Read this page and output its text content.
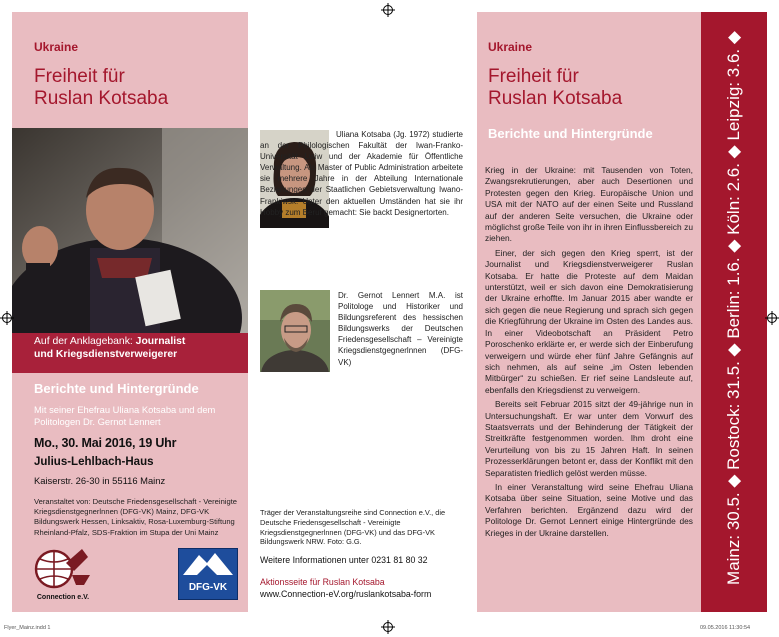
Ukraine
Freiheit für
Ruslan Kotsaba
Auf der Anklagebank: Journalist
und Kriegsdienstverweigerer
Berichte und Hintergründe
Mit seiner Ehefrau Uliana Kotsaba und dem Politologen Dr. Gernot Lennert
Mo., 30. Mai 2016, 19 Uhr
Julius-Lehlbach-Haus
Kaiserstr. 26-30 in 55116 Mainz
Veranstaltet von: Deutsche Friedensgesellschaft - Vereinigte Kriegsdienstgegnerlnnen (DFG-VK) Mainz, DFG-VK Bildungswerk Hessen, Linksaktiv, Rosa-Luxemburg-Stiftung Rheinland-Pfalz, SDS-Fraktion im Stupa der Uni Mainz
Connection e.V.
DFG-VK

Uliana Kotsaba (Jg. 1972) studierte an der Philologischen Fakultät der Iwan-Franko-Universität Lwiw und der Akademie für Öffentliche Verwaltung. Als Master of Public Administration arbeitete sie mehrere Jahre in der Abteilung Internationale Beziehungen der Staatlichen Gebietsverwaltung Iwano-Frankiwsk. Unter den aktuellen Umständen hat sie ihr Hobby zum Beruf gemacht: Sie backt Designertorten.
Dr. Gernot Lennert M.A. ist Politologe und Historiker und Bildungsreferent des hessischen Bildungswerks der Deutschen Friedensgesellschaft – Vereinigte Kriegsdienstgegnerlnnen (DFG-VK)
Träger der Veranstaltungsreihe sind Connection e.V., die Deutsche Friedensgesellschaft - Vereinigte Kriegsdienstgegnerlnnen (DFG-VK) und das DFG-VK Bildungswerk NRW. Foto: G.G.
Weitere Informationen unter 0231 81 80 32
Aktionsseite für Ruslan Kotsaba
www.Connection-eV.org/ruslankotsaba-form
Ukraine
Freiheit für
Ruslan Kotsaba
Berichte und Hintergründe

Krieg in der Ukraine: mit Tausenden von Toten, Zwangsrekrutierungen, aber auch Desertionen und Protesten gegen den Krieg. Europäische Union und USA mit der NATO auf der einen Seite und Russland auf der anderen Seite versuchen, die Ukraine oder möglichst große Teile von ihr in ihren Einflussbereich zu ziehen.

Einer, der sich gegen den Krieg sperrt, ist der Journalist und Kriegsdienstverweigerer Ruslan Kotsaba. Er hatte die Proteste auf dem Maidan unterstützt, weil er sich davon eine Demokratisierung der Ukraine erhoffte. Im Januar 2015 aber wandte er sich gegen die neue Regierung und sprach sich gegen die Kriegführung der Ukraine im Osten des Landes aus. In einer Videobotschaft an Präsident Petro Poroschenko erklärte er, er werde sich der Einberufung verweigern und würde eher fünf Jahre Gefängnis auf sich nehmen, als auf seine „im Osten lebenden Mitbürger“ zu schießen. Er rief seine Landsleute auf, ebenfalls den Kriegsdienst zu verweigern.

Bereits seit Februar 2015 sitzt der 49-jährige nun in Untersuchungshaft. Er war unter dem Vorwurf des Staatsverrats und der Behinderung der Tätigkeit der Streitkräfte festgenommen worden. Ihm droht eine Verurteilung von bis zu 15 Jahren Haft. In seinen Prozesserklärungen betont er, dass der Konflikt mit den Separatisten friedlich gelöst werden müsse.

In einer Veranstaltung wird seine Ehefrau Uliana Kotsaba über seine Situation, seine Motive und das Verfahren berichten. Ergänzend dazu wird der Politologe Dr. Gernot Lennert einige Hintergründe des Krieges in der Ukraine darstellen.	Mainz: 30.5. ◆ Rostock: 31.5. ◆ Berlin: 1.6. ◆ Köln: 2.6. ◆ Leipzig: 3.6. ◆
Flyer_Mainz.indd 1	09.05.2016 11:30:54
